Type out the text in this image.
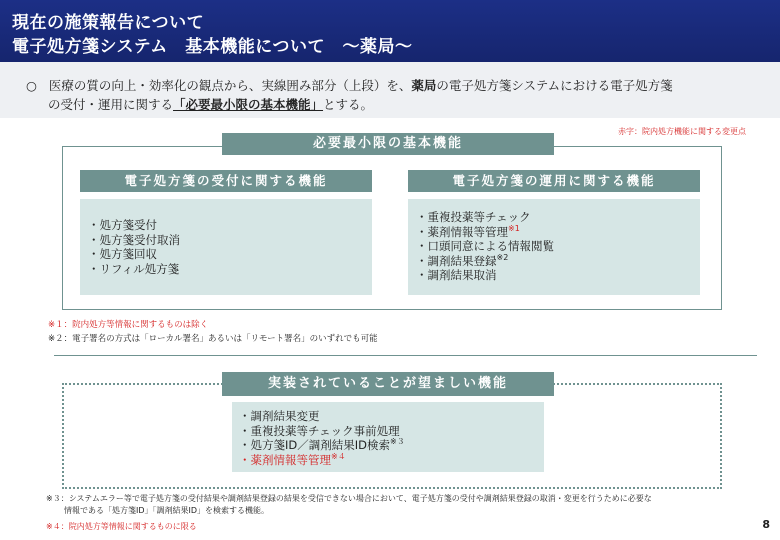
現在の施策報告について
電子処方箋システム　基本機能について　～薬局～
○ 医療の質の向上・効率化の観点から、実線囲み部分（上段）を、薬局の電子処方箋システムにおける電子処方箋
の受付・運用に関する「必要最小限の基本機能」とする。
赤字：院内処方機能に関する変更点
必要最小限の基本機能
電子処方箋の受付に関する機能
・処方箋受付
・処方箋受付取消
・処方箋回収
・リフィル処方箋
電子処方箋の運用に関する機能
・重複投薬等チェック
・薬剤情報等管理$^{※1}$
・口頭同意による情報閲覧
・調剤結果登録$^{※2}$
・調剤結果取消
※１：院内処方等情報に関するものは除く
※２：電子署名の方式は「ローカル署名」あるいは「リモート署名」のいずれでも可能
実装されていることが望ましい機能
・調剤結果変更
・重複投薬等チェック事前処理
・処方箋ID／調剤結果ID検索$^{※3}$
・薬剤情報等管理$^{※4}$
※３：システムエラー等で電子処方箋の受付結果や調剤結果登録の結果を受信できない場合において、電子処方箋の受付や調剤結果登録の取消・変更を行うために必要な
情報である「処方箋ID」「調剤結果ID」を検索する機能。
※４：院内処方等情報に関するものに限る	8
